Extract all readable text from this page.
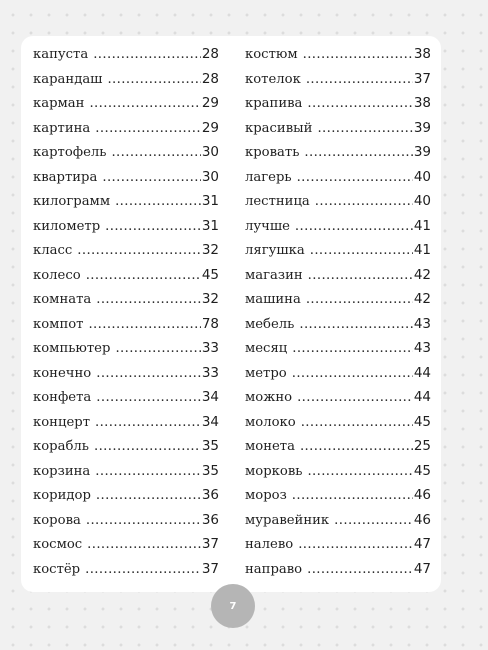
капуста .....	28
карандаш .....	28
карман .....	29
картина .....	29
картофель .....	30
квартира .....	30
килограмм .....	31
километр .....	31
класс .....	32
колесо .....	45
комната .....	32
компот .....	78
компьютер .....	33
конечно .....	33
конфета .....	34
концерт .....	34
корабль .....	35
корзина .....	35
коридор .....	36
корова .....	36
космос .....	37
костёр .....	37
костюм .....	38
котелок .....	37
крапива .....	38
красивый .....	39
кровать .....	39
лагерь .....	40
лестница .....	40
лучше .....	41
лягушка .....	41
магазин .....	42
машина .....	42
мебель .....	43
месяц .....	43
метро .....	44
можно .....	44
молоко .....	45
монета .....	25
морковь .....	45
мороз .....	46
муравейник .....	46
налево .....	47
направо .....	47
7
